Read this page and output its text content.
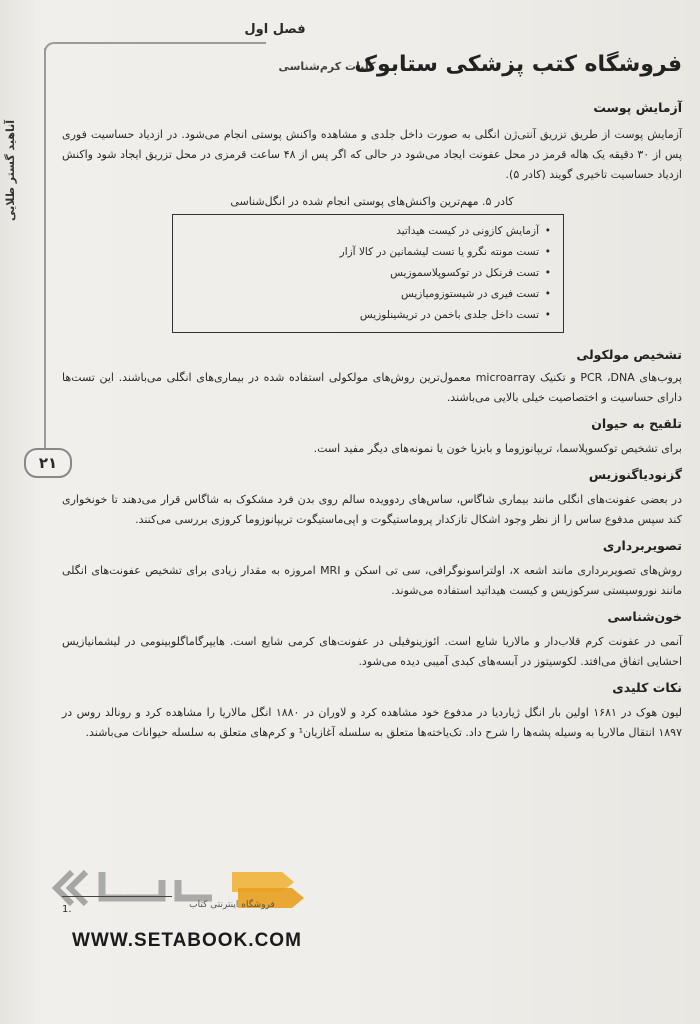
آناهید گستر طلایی
۲۱
فصل اول
کلیات کرم‌شناسی
فروشگاه کتب پزشکی ستابوک
آزمایش پوست

آزمایش پوست از طریق تزریق آنتی‌ژن انگلی به صورت داخل جلدی و مشاهده واکنش پوستی انجام می‌شود. در ازدیاد حساسیت فوری پس از ۳۰ دقیقه یک هاله قرمز در محل عفونت ایجاد می‌شود در حالی که اگر پس از ۴۸ ساعت قرمزی در محل تزریق ایجاد شود واکنش ازدیاد حساسیت تاخیری گویند (کادر ۵).

کادر ۵. مهم‌ترین واکنش‌های پوستی انجام شده در انگل‌شناسی
• آزمایش کازونی در کیست هیداتید
• تست مونته نگرو یا تست لیشمانین در کالا آزار
• تست فرنکل در توکسوپلاسموزیس
• تست فیری در شیستوزومیازیس
• تست داخل جلدی باخمن در تریشینلوزیس
تشخیص مولکولی

پروب‌های PCR ،DNA و تکنیک microarray معمول‌ترین روش‌های مولکولی استفاده شده در بیماری‌های انگلی می‌باشند. این تست‌ها دارای حساسیت و اختصاصیت خیلی بالایی می‌باشند.

تلقیح به حیوان

برای تشخیص توکسوپلاسما، تریپانوزوما و بابزیا خون یا نمونه‌های دیگر مفید است.

گزنودیاگنوزیس

در بعضی عفونت‌های انگلی مانند بیماری شاگاس، ساس‌های ردوویده سالم روی بدن فرد مشکوک به شاگاس قرار می‌دهند تا خونخواری کند سپس مدفوع ساس را از نظر وجود اشکال تازکدار پروماستیگوت و اپی‌ماستیگوت تریپانوزوما کروزی بررسی می‌کنند.

تصویربرداری

روش‌های تصویربرداری مانند اشعه x، اولتراسونوگرافی، سی تی اسکن و MRI امروزه به مقدار زیادی برای تشخیص عفونت‌های انگلی مانند نوروسیستی سرکوزیس و کیست هیداتید استفاده می‌شوند.

خون‌شناسی

آنمی در عفونت کرم قلاب‌دار و مالاریا شایع است. ائوزینوفیلی در عفونت‌های کرمی شایع است. هایپرگاماگلوبینومی در لیشمانیازیس احشایی اتفاق می‌افتد. لکوسیتوز در آبسه‌های کبدی آمیبی دیده می‌شود.

نکات کلیدی

لیون هوک در ۱۶۸۱ اولین بار انگل ژیاردیا در مدفوع خود مشاهده کرد و لاوران در ۱۸۸۰ انگل مالاریا را مشاهده کرد و رونالد روس در ۱۸۹۷ انتقال مالاریا به وسیله پشه‌ها را شرح داد. تک‌یاخته‌ها متعلق به سلسله آغازیان¹ و کرم‌های متعلق به سلسله حیوانات می‌باشند.

فروشگاه اینترنتی کتاب
1.
WWW.SETABOOK.COM
